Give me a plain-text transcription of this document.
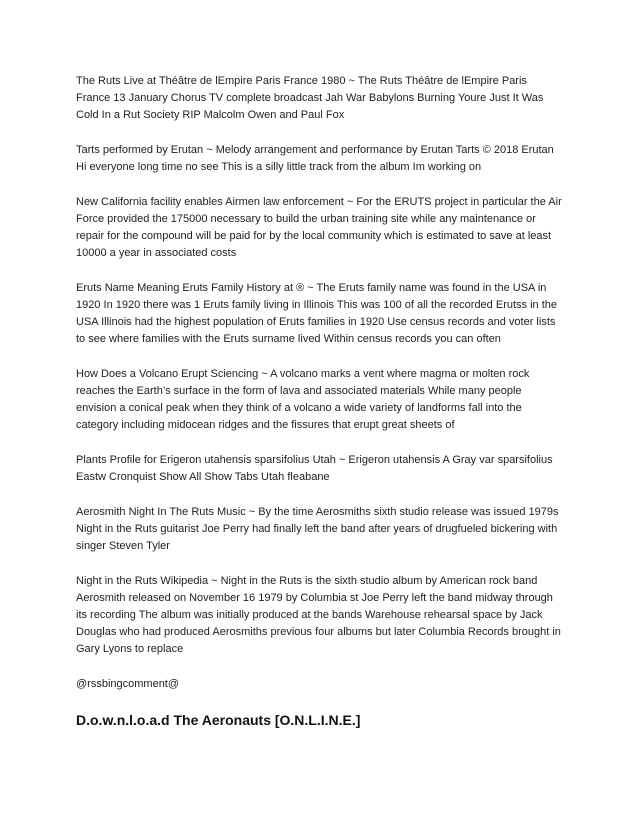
The Ruts Live at Théâtre de lEmpire Paris France 1980 ~ The Ruts Théâtre de lEmpire Paris France 13 January Chorus TV complete broadcast Jah War Babylons Burning Youre Just It Was Cold In a Rut Society RIP Malcolm Owen and Paul Fox

Tarts performed by Erutan ~ Melody arrangement and performance by Erutan Tarts © 2018 Erutan Hi everyone long time no see This is a silly little track from the album Im working on

New California facility enables Airmen law enforcement ~ For the ERUTS project in particular the Air Force provided the 175000 necessary to build the urban training site while any maintenance or repair for the compound will be paid for by the local community which is estimated to save at least 10000 a year in associated costs

Eruts Name Meaning Eruts Family History at ® ~ The Eruts family name was found in the USA in 1920 In 1920 there was 1 Eruts family living in Illinois This was 100 of all the recorded Erutss in the USA Illinois had the highest population of Eruts families in 1920 Use census records and voter lists to see where families with the Eruts surname lived Within census records you can often

How Does a Volcano Erupt Sciencing ~ A volcano marks a vent where magma or molten rock reaches the Earth’s surface in the form of lava and associated materials While many people envision a conical peak when they think of a volcano a wide variety of landforms fall into the category including midocean ridges and the fissures that erupt great sheets of

Plants Profile for Erigeron utahensis sparsifolius Utah ~ Erigeron utahensis A Gray var sparsifolius Eastw Cronquist Show All Show Tabs Utah fleabane

Aerosmith Night In The Ruts Music ~ By the time Aerosmiths sixth studio release was issued 1979s Night in the Ruts guitarist Joe Perry had finally left the band after years of drugfueled bickering with singer Steven Tyler

Night in the Ruts Wikipedia ~ Night in the Ruts is the sixth studio album by American rock band Aerosmith released on November 16 1979 by Columbia st Joe Perry left the band midway through its recording The album was initially produced at the bands Warehouse rehearsal space by Jack Douglas who had produced Aerosmiths previous four albums but later Columbia Records brought in Gary Lyons to replace

@rssbingcomment@

D.o.w.n.l.o.a.d The Aeronauts [O.N.L.I.N.E.]
